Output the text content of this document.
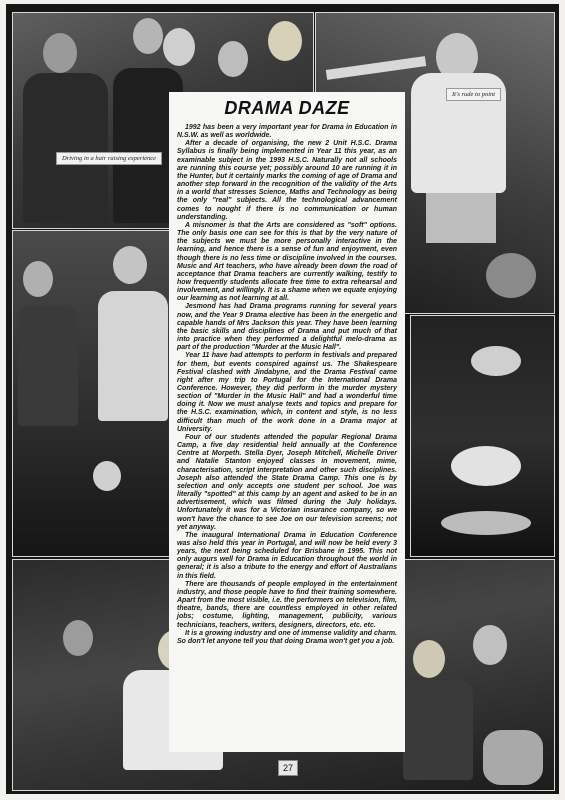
Driving in a hair raising experience
It's rude to point
DRAMA DAZE

1992 has been a very important year for Drama in Education in N.S.W. as well as worldwide.

After a decade of organising, the new 2 Unit H.S.C. Drama Syllabus is finally being implemented in Year 11 this year, as an examinable subject in the 1993 H.S.C. Naturally not all schools are running this course yet; possibly around 10 are running it in the Hunter, but it certainly marks the coming of age of Drama and another step forward in the recognition of the validity of the Arts in a world that stresses Science, Maths and Technology as being the only "real" subjects. All the technological advancement comes to nought if there is no communication or human understanding.

A misnomer is that the Arts are considered as "soft" options. The only basis one can see for this is that by the very nature of the subjects we must be more personally interactive in the learning, and hence there is a sense of fun and enjoyment, even though there is no less time or discipline involved in the courses. Music and Art teachers, who have already been down the road of acceptance that Drama teachers are currently walking, testify to how frequently students allocate free time to extra rehearsal and involvement, and willingly. It is a shame when we equate enjoying our learning as not learning at all.

Jesmond has had Drama programs running for several years now, and the Year 9 Drama elective has been in the energetic and capable hands of Mrs Jackson this year. They have been learning the basic skills and disciplines of Drama and put much of that into practice when they performed a delightful melo-drama as part of the production "Murder at the Music Hall".

Year 11 have had attempts to perform in festivals and prepared for them, but events conspired against us. The Shakespeare Festival clashed with Jindabyne, and the Drama Festival came right after my trip to Portugal for the International Drama Conference. However, they did perform in the murder mystery section of "Murder in the Music Hall" and had a wonderful time doing it. Now we must analyse texts and topics and prepare for the H.S.C. examination, which, in content and style, is no less difficult than much of the work done in a Drama major at University.

Four of our students attended the popular Regional Drama Camp, a five day residential held annually at the Conference Centre at Morpeth. Stella Dyer, Joseph Mitchell, Michelle Driver and Natalie Stanton enjoyed classes in movement, mime, characterisation, script interpretation and other such disciplines. Joseph also attended the State Drama Camp. This one is by selection and only accepts one student per school. Joe was literally "spotted" at this camp by an agent and asked to be in an advertisement, which was filmed during the July holidays. Unfortunately it was for a Victorian insurance company, so we won't have the chance to see Joe on our television screens; not yet anyway.

The inaugural International Drama in Education Conference was also held this year in Portugal, and will now be held every 3 years, the next being scheduled for Brisbane in 1995. This not only augurs well for Drama in Education throughout the world in general; it is also a tribute to the energy and effort of Australians in this field.

There are thousands of people employed in the entertainment industry, and those people have to find their training somewhere. Apart from the most visible, i.e. the performers on television, film, theatre, bands, there are countless employed in other related jobs; costume, lighting, management, publicity, various technicians, teachers, writers, designers, directors, etc. etc.

It is a growing industry and one of immense validity and charm. So don't let anyone tell you that doing Drama won't get you a job.

27
